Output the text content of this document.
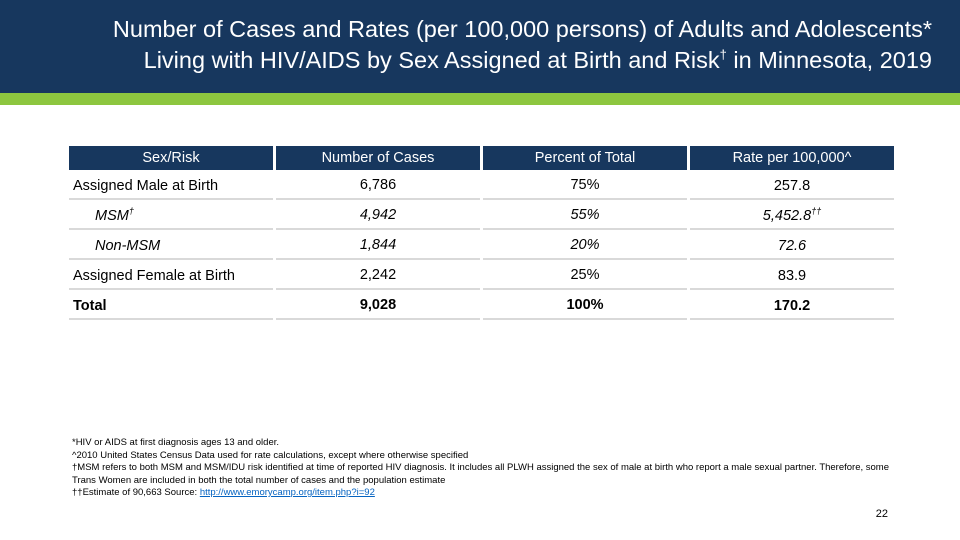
Number of Cases and Rates (per 100,000 persons) of Adults and Adolescents*
Living with HIV/AIDS by Sex Assigned at Birth and Risk† in Minnesota, 2019
Sex/Risk	Number of Cases	Percent of Total	Rate per 100,000^
Assigned Male at Birth	6,786	75%	257.8
MSM†	4,942	55%	5,452.8††
Non-MSM	1,844	20%	72.6
Assigned Female at Birth	2,242	25%	83.9
Total	9,028	100%	170.2

*HIV or AIDS at first diagnosis ages 13 and older.

^2010 United States Census Data used for rate calculations, except where otherwise specified

†MSM refers to both MSM and MSM/IDU risk identified at time of reported HIV diagnosis. It includes all PLWH assigned the sex of male at birth who report a male sexual partner. Therefore, some Trans Women are included in both the total number of cases and the population estimate

††Estimate of 90,663 Source: http://www.emorycamp.org/item.php?i=92

22
